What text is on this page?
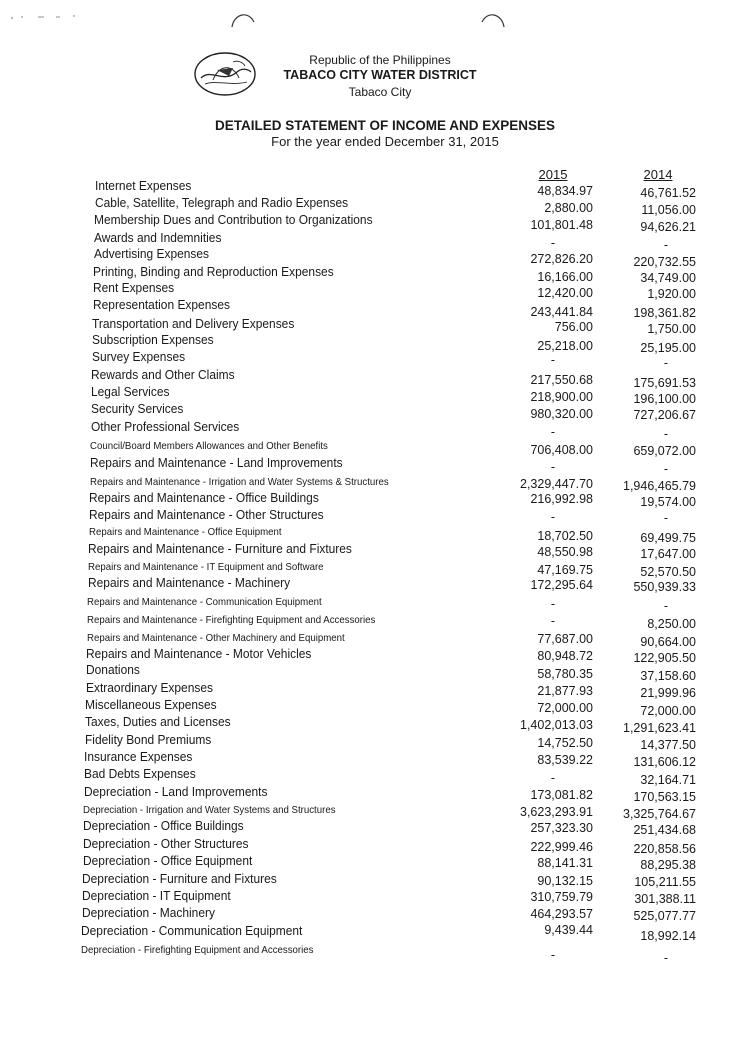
Republic of the Philippines
TABACO CITY WATER DISTRICT
Tabaco City
DETAILED STATEMENT OF INCOME AND EXPENSES
For the year ended December 31, 2015
2015	2014
Internet Expenses	48,834.97	46,761.52
Cable, Satellite, Telegraph and Radio Expenses	2,880.00	11,056.00
Membership Dues and Contribution to Organizations	101,801.48	94,626.21
Awards and Indemnities	-	-
Advertising Expenses	272,826.20	220,732.55
Printing, Binding and Reproduction Expenses	16,166.00	34,749.00
Rent Expenses	12,420.00	1,920.00
Representation Expenses	243,441.84	198,361.82
Transportation and Delivery Expenses	756.00	1,750.00
Subscription Expenses	25,218.00	25,195.00
Survey Expenses	-	-
Rewards and Other Claims	217,550.68	175,691.53
Legal Services	218,900.00	196,100.00
Security Services	980,320.00	727,206.67
Other Professional Services	-	-
Council/Board Members Allowances and Other Benefits	706,408.00	659,072.00
Repairs and Maintenance - Land Improvements	-	-
Repairs and Maintenance - Irrigation and Water Systems & Structures	2,329,447.70	1,946,465.79
Repairs and Maintenance - Office Buildings	216,992.98	19,574.00
Repairs and Maintenance - Other Structures	-	-
Repairs and Maintenance - Office Equipment	18,702.50	69,499.75
Repairs and Maintenance - Furniture and Fixtures	48,550.98	17,647.00
Repairs and Maintenance - IT Equipment and Software	47,169.75	52,570.50
Repairs and Maintenance - Machinery	172,295.64	550,939.33
Repairs and Maintenance - Communication Equipment	-	-
Repairs and Maintenance - Firefighting Equipment and Accessories	-	8,250.00
Repairs and Maintenance - Other Machinery and Equipment	77,687.00	90,664.00
Repairs and Maintenance - Motor Vehicles	80,948.72	122,905.50
Donations	58,780.35	37,158.60
Extraordinary Expenses	21,877.93	21,999.96
Miscellaneous Expenses	72,000.00	72,000.00
Taxes, Duties and Licenses	1,402,013.03	1,291,623.41
Fidelity Bond Premiums	14,752.50	14,377.50
Insurance Expenses	83,539.22	131,606.12
Bad Debts Expenses	-	32,164.71
Depreciation - Land Improvements	173,081.82	170,563.15
Depreciation - Irrigation and Water Systems and Structures	3,623,293.91	3,325,764.67
Depreciation - Office Buildings	257,323.30	251,434.68
Depreciation - Other Structures	222,999.46	220,858.56
Depreciation - Office Equipment	88,141.31	88,295.38
Depreciation - Furniture and Fixtures	90,132.15	105,211.55
Depreciation - IT Equipment	310,759.79	301,388.11
Depreciation - Machinery	464,293.57	525,077.77
Depreciation - Communication Equipment	9,439.44	18,992.14
Depreciation - Firefighting Equipment and Accessories	-	-
